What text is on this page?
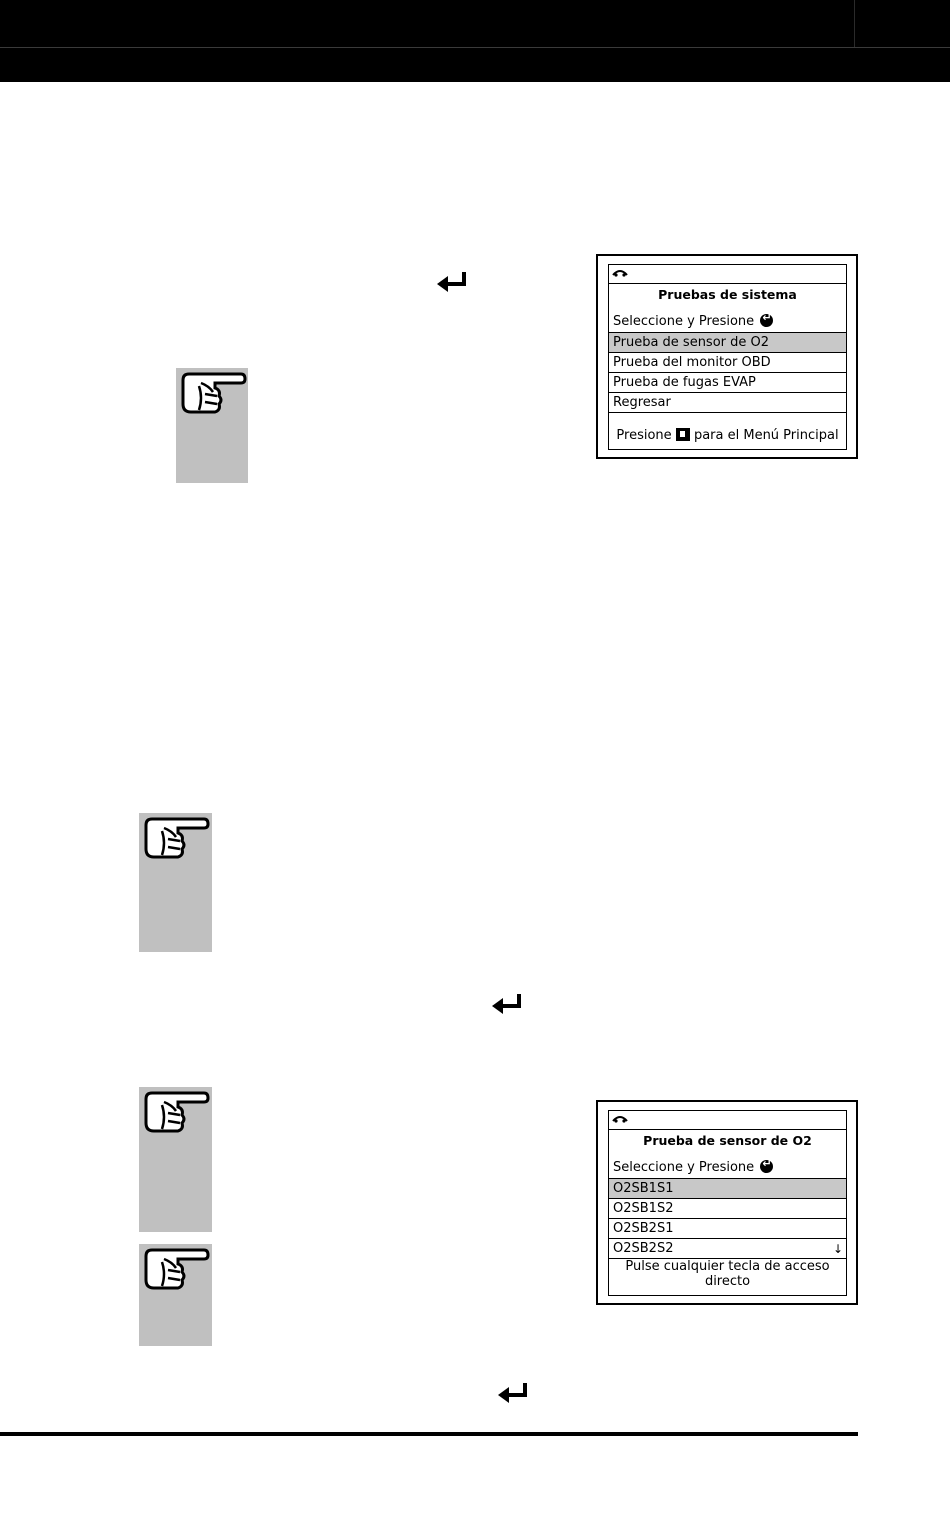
Pruebas de sistema
Seleccione y Presione ↵
Prueba de sensor de O2
Prueba del monitor OBD
Prueba de fugas EVAP
Regresar
Presione para el Menú Principal
Prueba de sensor de O2
Seleccione y Presione ↵
O2SB1S1
O2SB1S2
O2SB2S1
O2SB2S2	↓
Pulse cualquier tecla de acceso
directo
